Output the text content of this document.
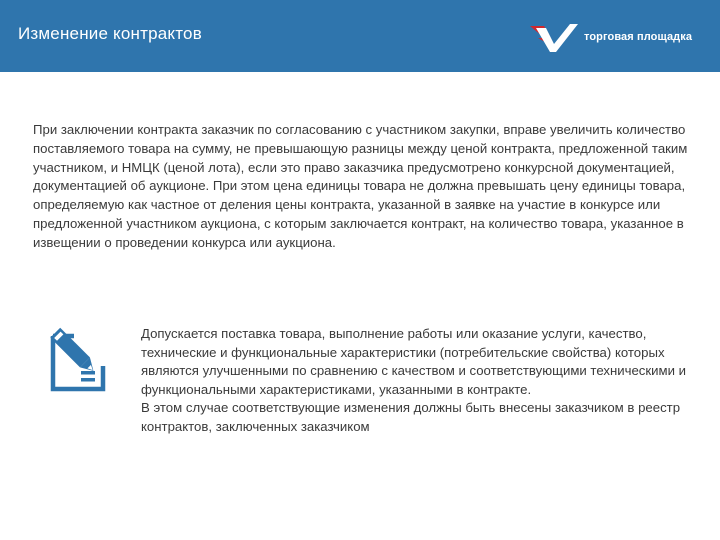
Изменение контрактов	торговая площадка

При заключении контракта заказчик по согласованию с участником закупки, вправе увеличить количество поставляемого товара на сумму, не превышающую разницы между ценой контракта, предложенной таким участником, и НМЦК (ценой лота), если это право заказчика предусмотрено конкурсной документацией, документацией об аукционе. При этом цена единицы товара не должна превышать цену единицы товара, определяемую как частное от деления цены контракта, указанной в заявке на участие в конкурсе или предложенной участником аукциона, с которым заключается контракт, на количество товара, указанное в извещении о проведении конкурса или аукциона.

Допускается поставка товара, выполнение работы или оказание услуги, качество, технические и функциональные характеристики (потребительские свойства) которых являются улучшенными по сравнению с качеством и соответствующими техническими и функциональными характеристиками, указанными в контракте.

В этом случае соответствующие изменения должны быть внесены заказчиком в реестр контрактов, заключенных заказчиком
